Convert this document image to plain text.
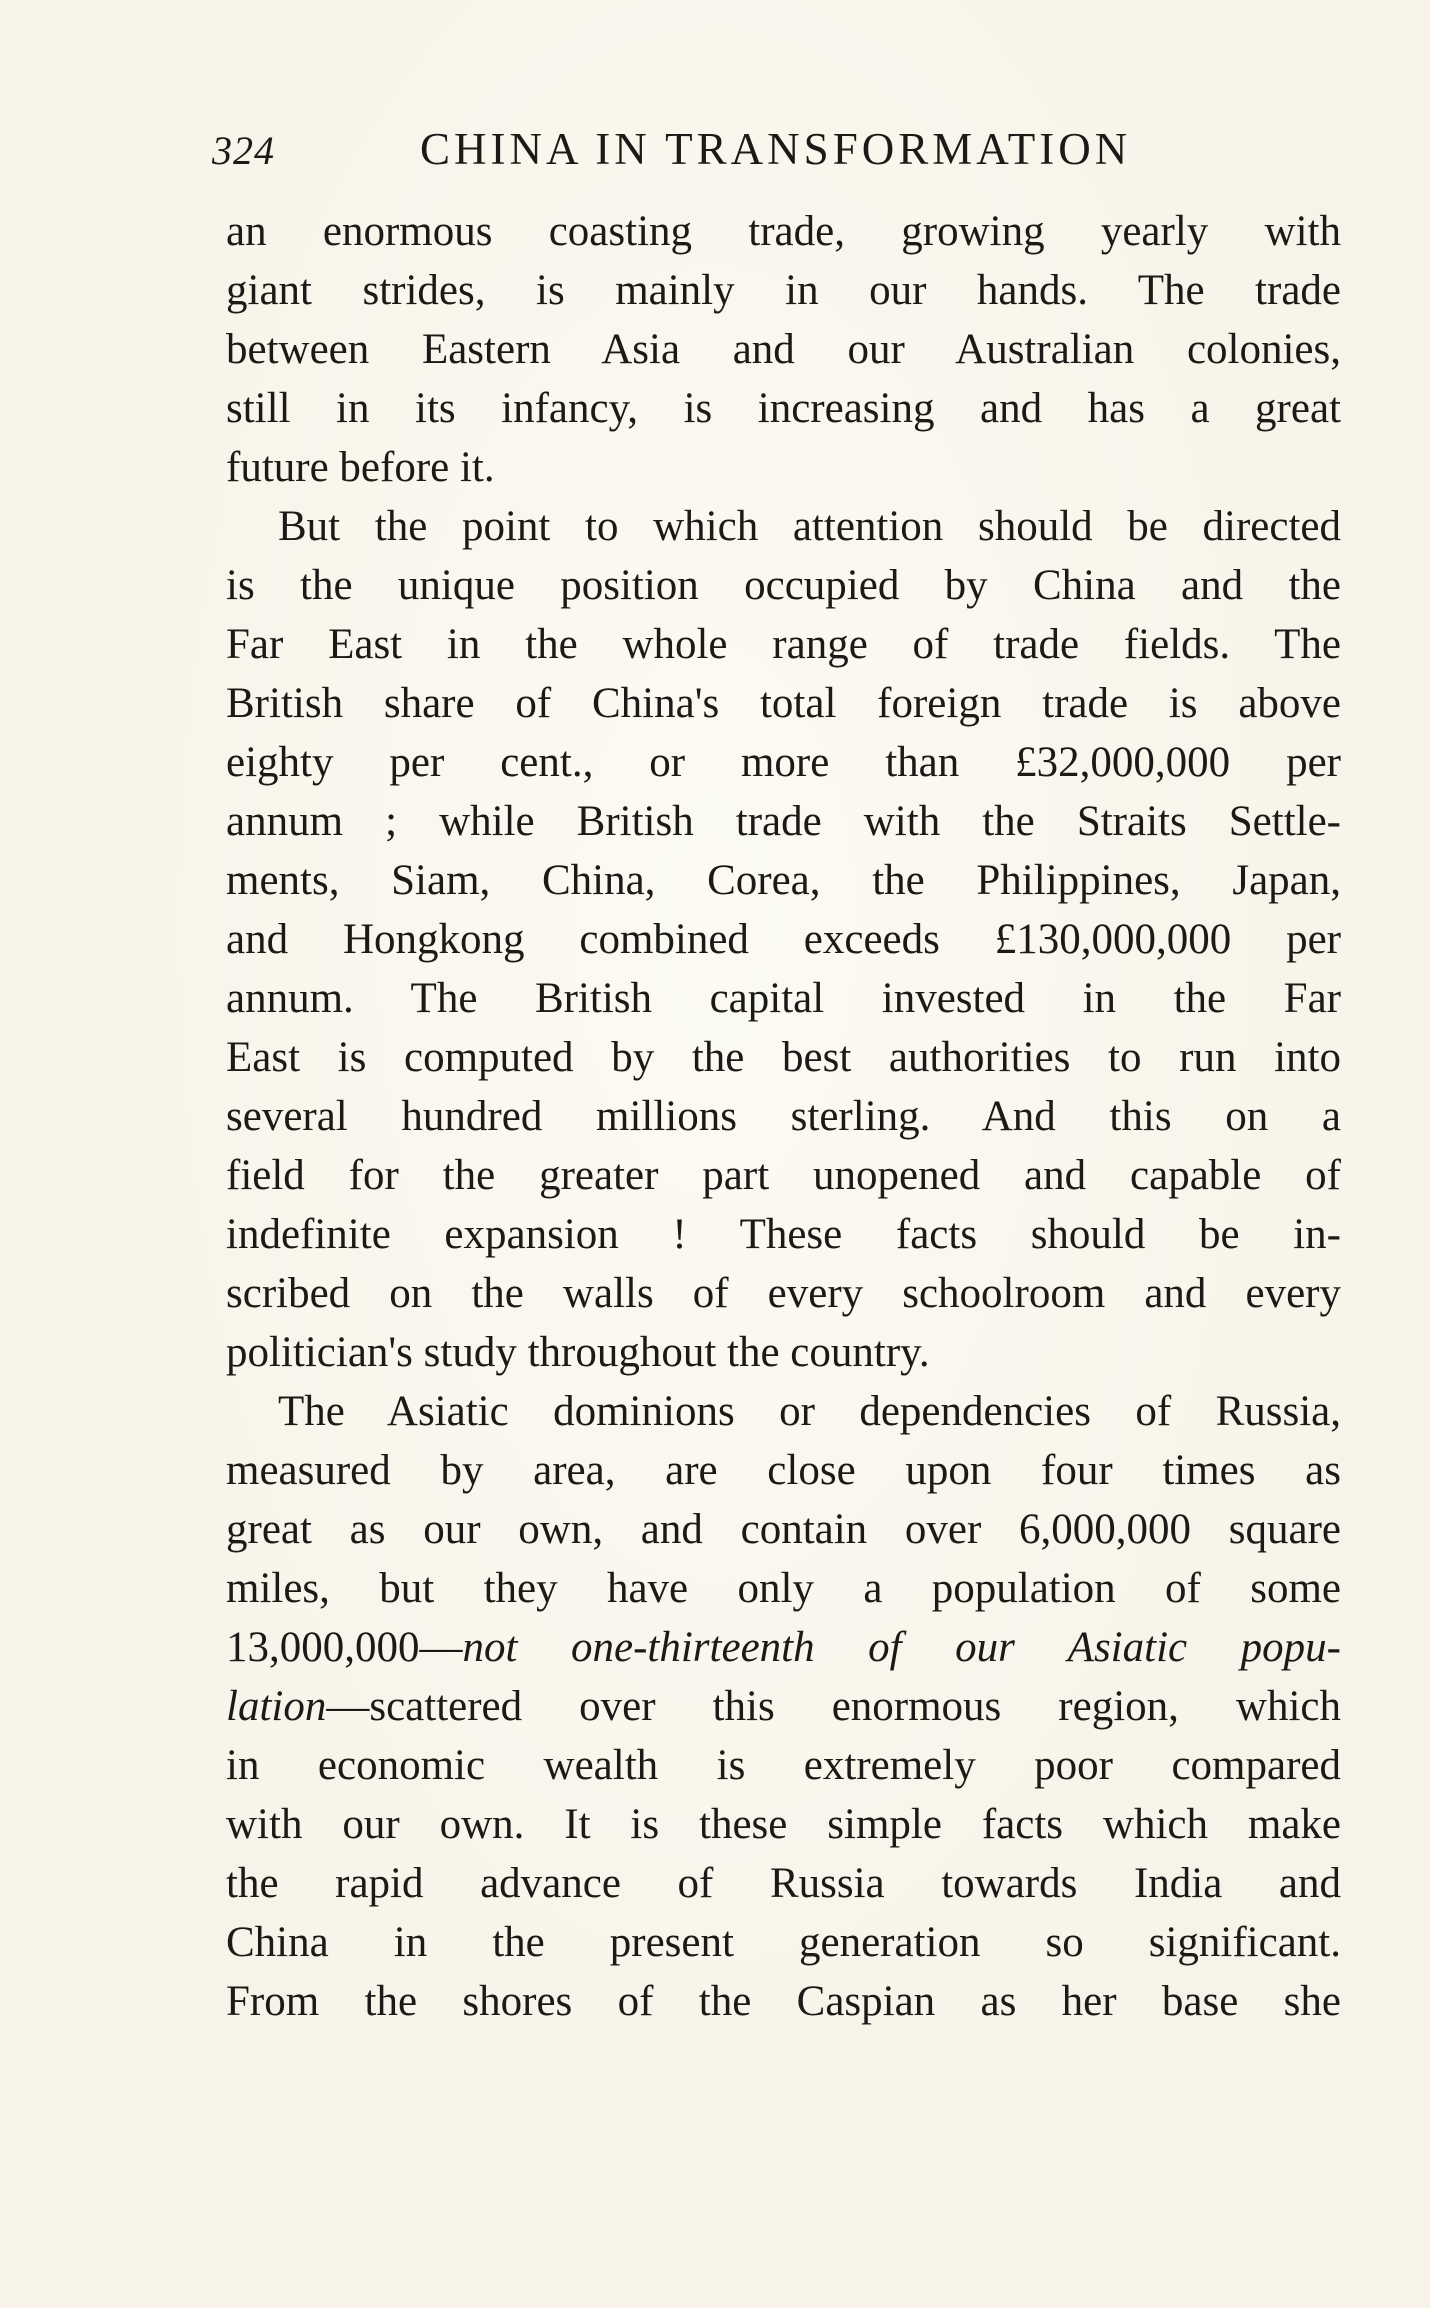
324	CHINA IN TRANSFORMATION
an enormous coasting trade, growing yearly with
giant strides, is mainly in our hands. The trade
between Eastern Asia and our Australian colonies,
still in its infancy, is increasing and has a great
future before it.
But the point to which attention should be directed
is the unique position occupied by China and the
Far East in the whole range of trade fields. The
British share of China's total foreign trade is above
eighty per cent., or more than £32,000,000 per
annum ; while British trade with the Straits Settle-
ments, Siam, China, Corea, the Philippines, Japan,
and Hongkong combined exceeds £130,000,000 per
annum. The British capital invested in the Far
East is computed by the best authorities to run into
several hundred millions sterling. And this on a
field for the greater part unopened and capable of
indefinite expansion ! These facts should be in-
scribed on the walls of every schoolroom and every
politician's study throughout the country.
The Asiatic dominions or dependencies of Russia,
measured by area, are close upon four times as
great as our own, and contain over 6,000,000 square
miles, but they have only a population of some
13,000,000—not one-thirteenth of our Asiatic popu-
lation—scattered over this enormous region, which
in economic wealth is extremely poor compared
with our own. It is these simple facts which make
the rapid advance of Russia towards India and
China in the present generation so significant.
From the shores of the Caspian as her base she
